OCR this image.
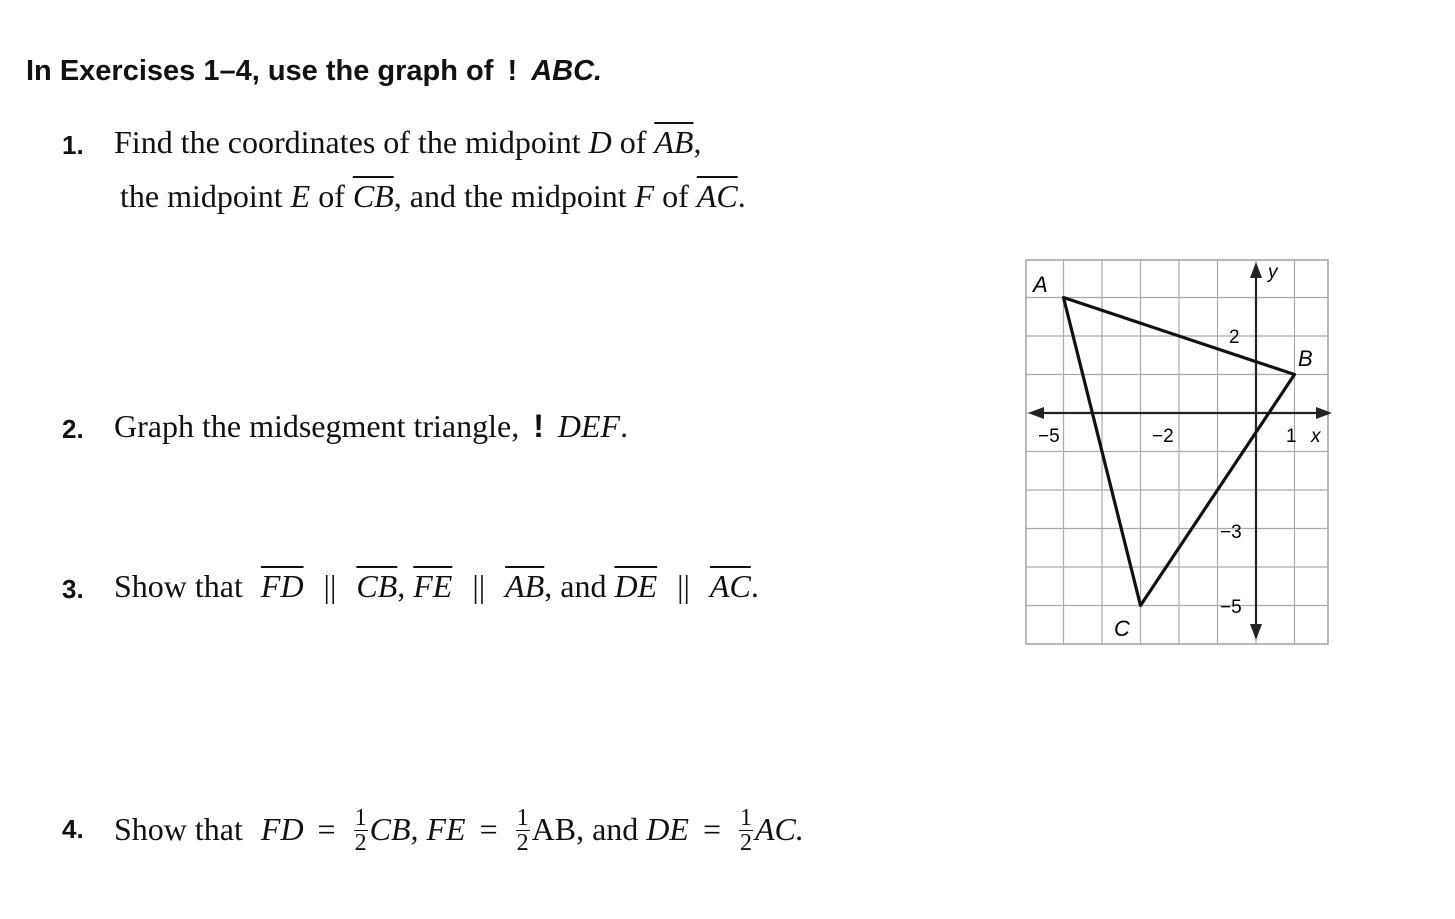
In Exercises 1–4, use the graph of ! ABC.
1. Find the coordinates of the midpoint D of $\overline{AB}$,
the midpoint E of $\overline{CB}$, and the midpoint F of $\overline{AC}$.
2. Graph the midsegment triangle, ! DEF.
3. Show that $\overline{FD}$ || $\overline{CB}$, $\overline{FE}$ || $\overline{AB}$, and $\overline{DE}$ || $\overline{AC}$.
4. Show that FD = $\frac{1}{2}$ CB, FE = $\frac{1}{2}$ AB, and DE = $\frac{1}{2}$ AC.
A
B
C
−5	−2	1 x
y
2
−3
−5
